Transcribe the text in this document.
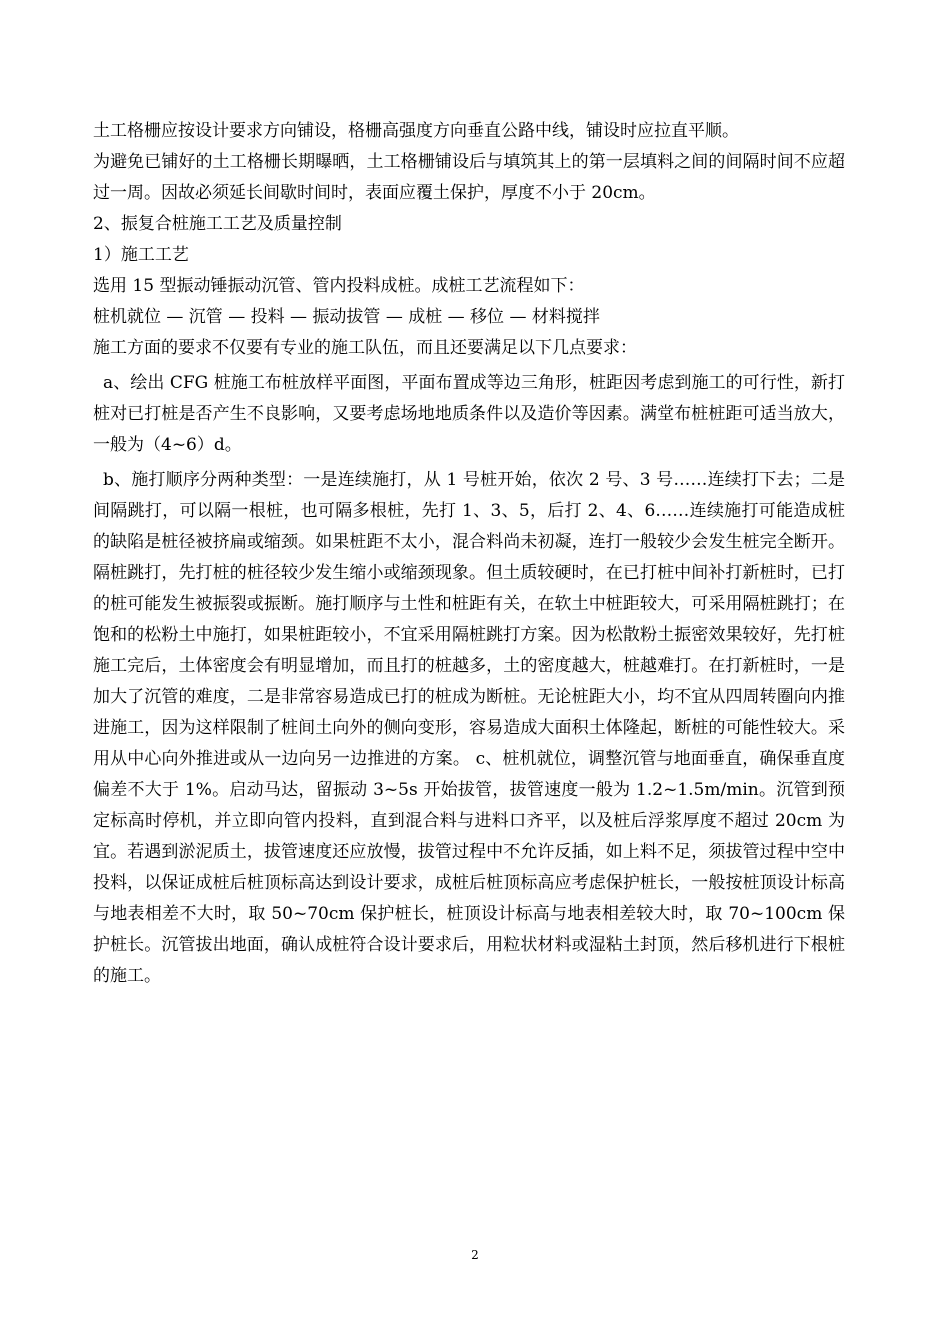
土工格栅应按设计要求方向铺设，格栅高强度方向垂直公路中线，铺设时应拉直平顺。

为避免已铺好的土工格栅长期曝晒，土工格栅铺设后与填筑其上的第一层填料之间的间隔时间不应超过一周。因故必须延长间歇时间时，表面应覆土保护，厚度不小于 20cm。

2、振复合桩施工工艺及质量控制

1）施工工艺

选用 15 型振动锤振动沉管、管内投料成桩。成桩工艺流程如下：

桩机就位 — 沉管 — 投料 — 振动拔管 — 成桩 — 移位 — 材料搅拌

施工方面的要求不仅要有专业的施工队伍，而且还要满足以下几点要求：

a、绘出 CFG 桩施工布桩放样平面图，平面布置成等边三角形，桩距因考虑到施工的可行性，新打桩对已打桩是否产生不良影响，又要考虑场地地质条件以及造价等因素。满堂布桩桩距可适当放大，一般为（4~6）d。

b、施打顺序分两种类型：一是连续施打，从 1 号桩开始，依次 2 号、3 号……连续打下去；二是间隔跳打，可以隔一根桩，也可隔多根桩，先打 1、3、5，后打 2、4、6……连续施打可能造成桩的缺陷是桩径被挤扁或缩颈。如果桩距不太小，混合料尚未初凝，连打一般较少会发生桩完全断开。隔桩跳打，先打桩的桩径较少发生缩小或缩颈现象。但土质较硬时，在已打桩中间补打新桩时，已打的桩可能发生被振裂或振断。施打顺序与土性和桩距有关，在软土中桩距较大，可采用隔桩跳打；在饱和的松粉土中施打，如果桩距较小，不宜采用隔桩跳打方案。因为松散粉土振密效果较好，先打桩施工完后，土体密度会有明显增加，而且打的桩越多，土的密度越大，桩越难打。在打新桩时，一是加大了沉管的难度，二是非常容易造成已打的桩成为断桩。无论桩距大小，均不宜从四周转圈向内推进施工，因为这样限制了桩间土向外的侧向变形，容易造成大面积土体隆起，断桩的可能性较大。采用从中心向外推进或从一边向另一边推进的方案。 c、桩机就位，调整沉管与地面垂直，确保垂直度偏差不大于 1%。启动马达，留振动 3~5s 开始拔管，拔管速度一般为 1.2~1.5m/min。沉管到预定标高时停机，并立即向管内投料，直到混合料与进料口齐平，以及桩后浮浆厚度不超过 20cm 为宜。若遇到淤泥质土，拔管速度还应放慢，拔管过程中不允许反插，如上料不足，须拔管过程中空中投料，以保证成桩后桩顶标高达到设计要求，成桩后桩顶标高应考虑保护桩长，一般按桩顶设计标高与地表相差不大时，取 50~70cm 保护桩长，桩顶设计标高与地表相差较大时，取 70~100cm 保护桩长。沉管拔出地面，确认成桩符合设计要求后，用粒状材料或湿粘土封顶，然后移机进行下根桩的施工。

2
